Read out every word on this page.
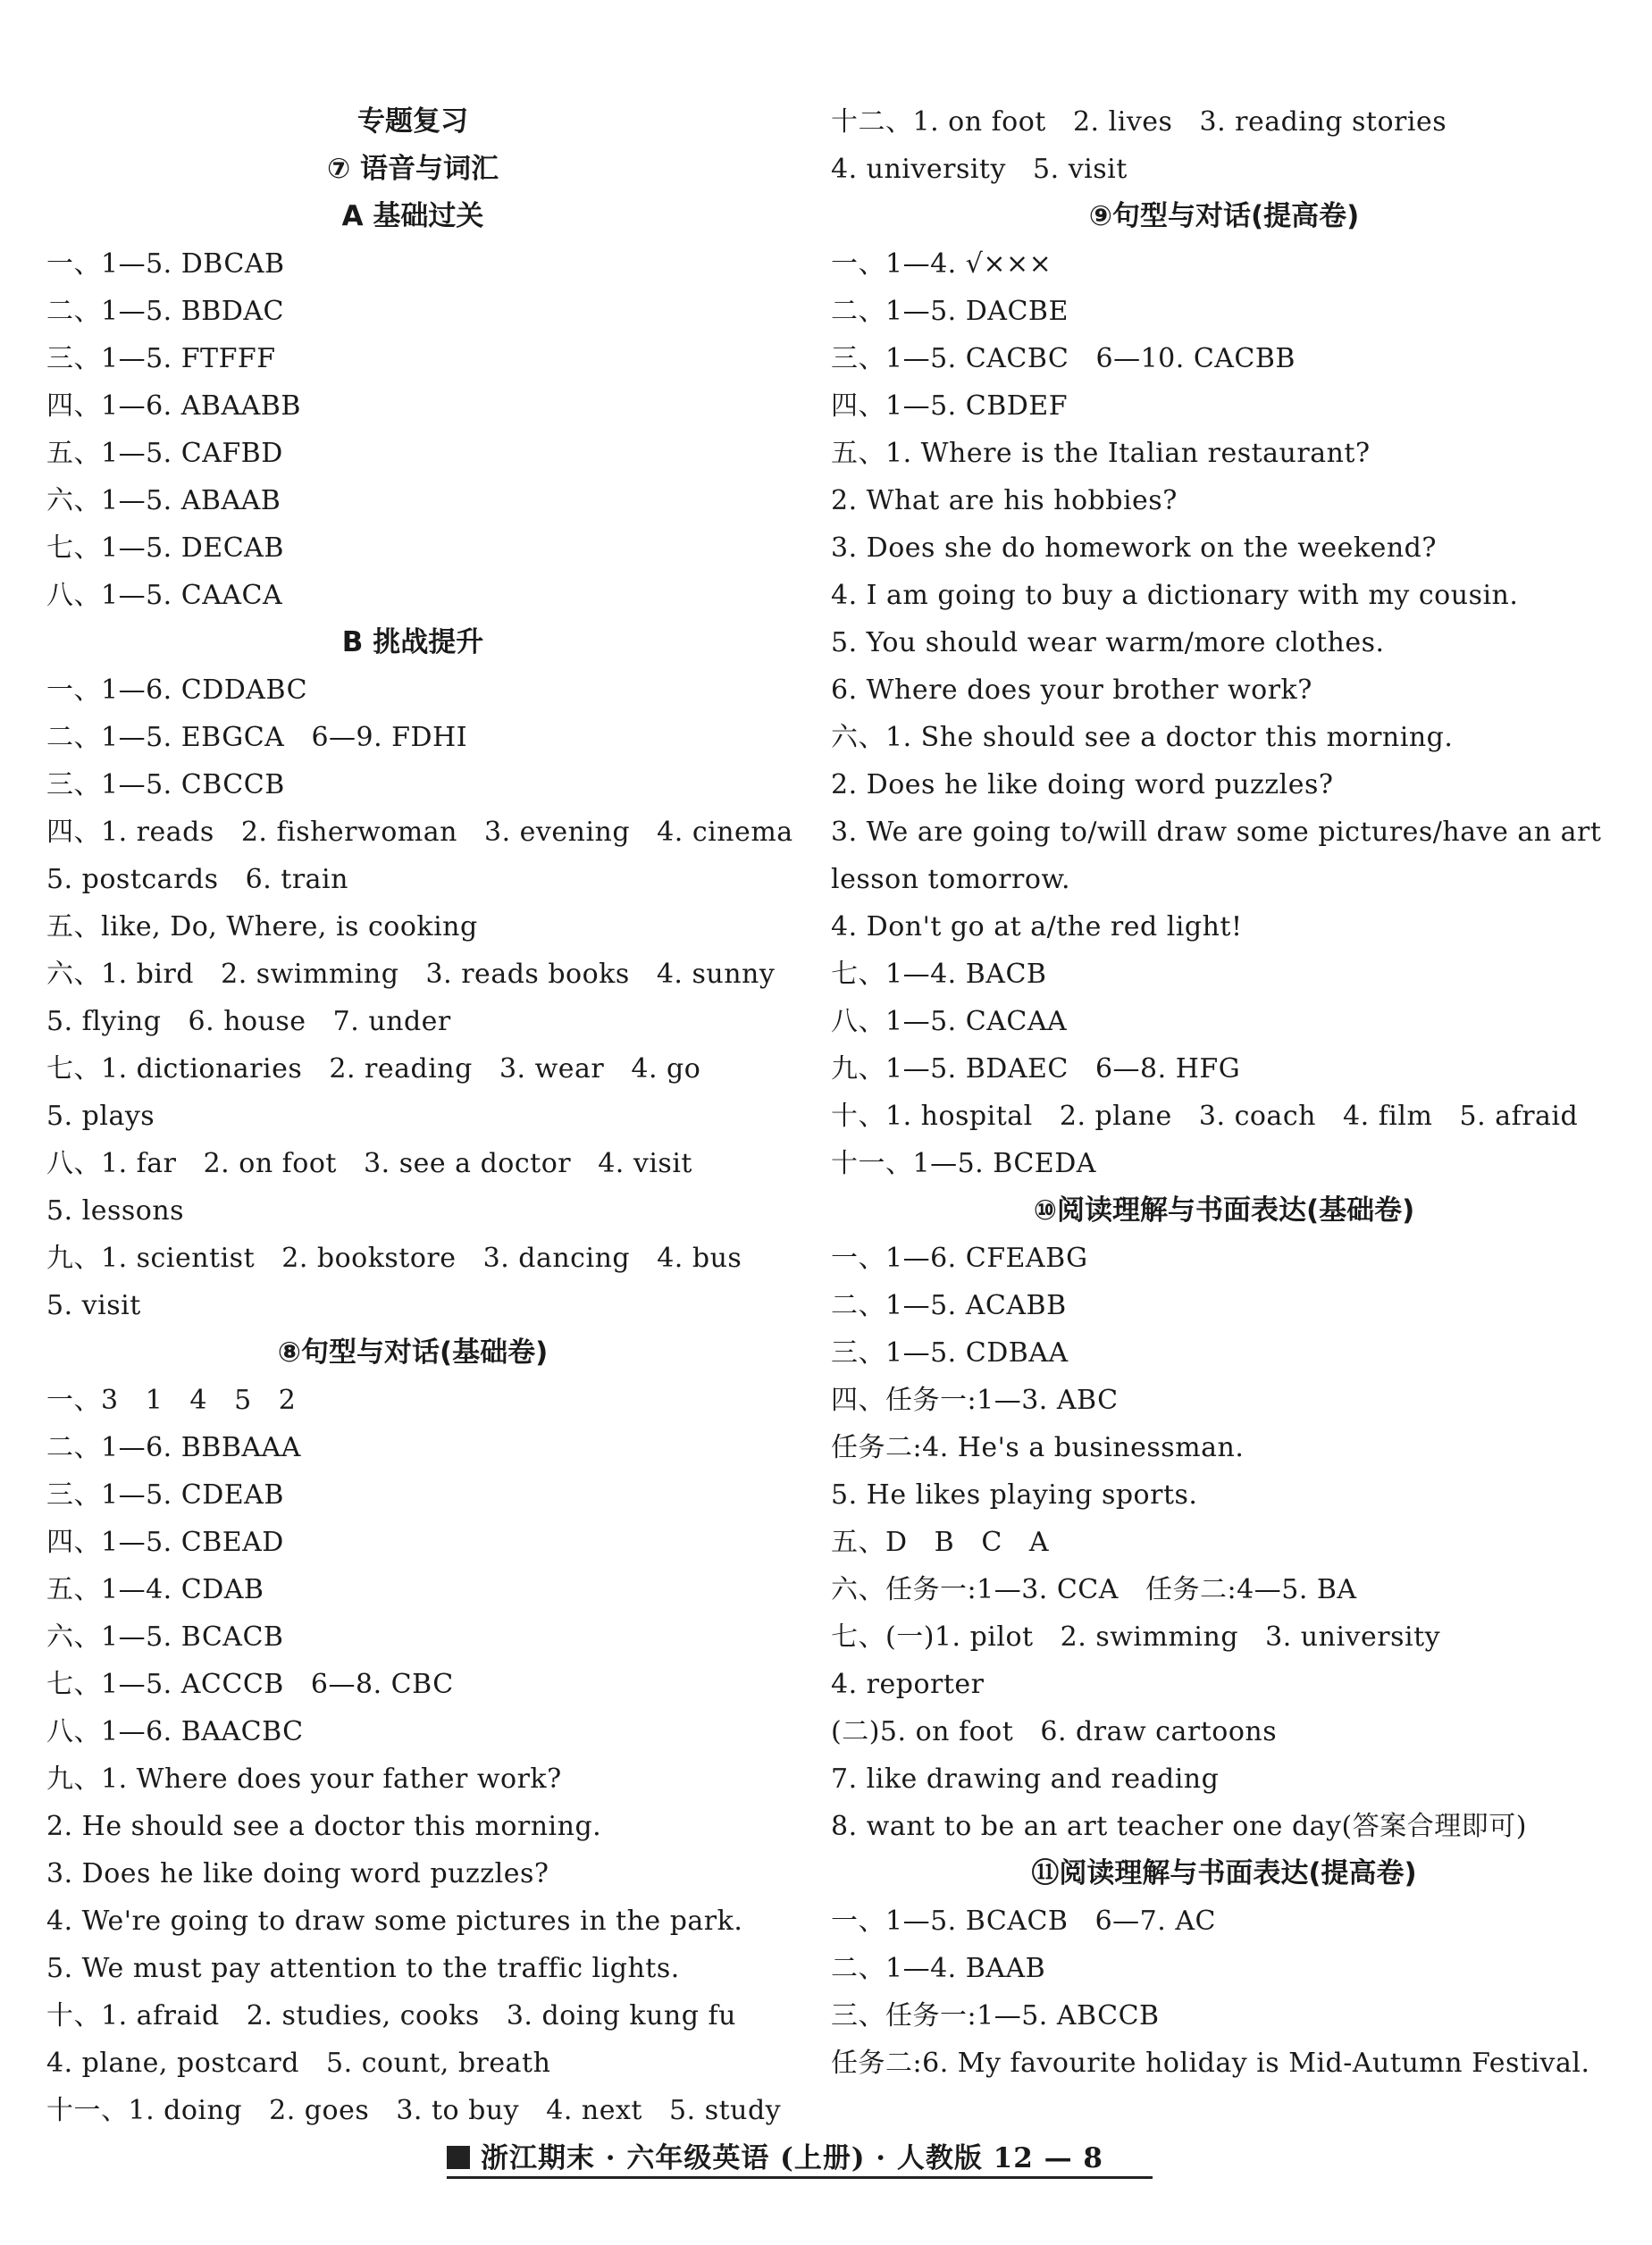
专题复习
⑦ 语音与词汇
A 基础过关
一、1—5. DBCAB
二、1—5. BBDAC
三、1—5. FTFFF
四、1—6. ABAABB
五、1—5. CAFBD
六、1—5. ABAAB
七、1—5. DECAB
八、1—5. CAACA
B 挑战提升
一、1—6. CDDABC
二、1—5. EBGCA   6—9. FDHI
三、1—5. CBCCB
四、1. reads   2. fisherwoman   3. evening   4. cinema
5. postcards   6. train
五、like, Do, Where, is cooking
六、1. bird   2. swimming   3. reads books   4. sunny
5. flying   6. house   7. under
七、1. dictionaries   2. reading   3. wear   4. go
5. plays
八、1. far   2. on foot   3. see a doctor   4. visit
5. lessons
九、1. scientist   2. bookstore   3. dancing   4. bus
5. visit
⑧句型与对话(基础卷)
一、3   1   4   5   2
二、1—6. BBBAAA
三、1—5. CDEAB
四、1—5. CBEAD
五、1—4. CDAB
六、1—5. BCACB
七、1—5. ACCCB   6—8. CBC
八、1—6. BAACBC
九、1. Where does your father work?
2. He should see a doctor this morning.
3. Does he like doing word puzzles?
4. We're going to draw some pictures in the park.
5. We must pay attention to the traffic lights.
十、1. afraid   2. studies, cooks   3. doing kung fu
4. plane, postcard   5. count, breath
十一、1. doing   2. goes   3. to buy   4. next   5. study
十二、1. on foot   2. lives   3. reading stories
4. university   5. visit
⑨句型与对话(提高卷)
一、1—4. √×××
二、1—5. DACBE
三、1—5. CACBC   6—10. CACBB
四、1—5. CBDEF
五、1. Where is the Italian restaurant?
2. What are his hobbies?
3. Does she do homework on the weekend?
4. I am going to buy a dictionary with my cousin.
5. You should wear warm/more clothes.
6. Where does your brother work?
六、1. She should see a doctor this morning.
2. Does he like doing word puzzles?
3. We are going to/will draw some pictures/have an art
lesson tomorrow.
4. Don't go at a/the red light!
七、1—4. BACB
八、1—5. CACAA
九、1—5. BDAEC   6—8. HFG
十、1. hospital   2. plane   3. coach   4. film   5. afraid
十一、1—5. BCEDA
⑩阅读理解与书面表达(基础卷)
一、1—6. CFEABG
二、1—5. ACABB
三、1—5. CDBAA
四、任务一:1—3. ABC
任务二:4. He's a businessman.
5. He likes playing sports.
五、D   B   C   A
六、任务一:1—3. CCA   任务二:4—5. BA
七、(一)1. pilot   2. swimming   3. university
4. reporter
(二)5. on foot   6. draw cartoons
7. like drawing and reading
8. want to be an art teacher one day(答案合理即可)
⑪阅读理解与书面表达(提高卷)
一、1—5. BCACB   6—7. AC
二、1—4. BAAB
三、任务一:1—5. ABCCB
任务二:6. My favourite holiday is Mid-Autumn Festival.
浙江期末 · 六年级英语 (上册) · 人教版 12 — 8
